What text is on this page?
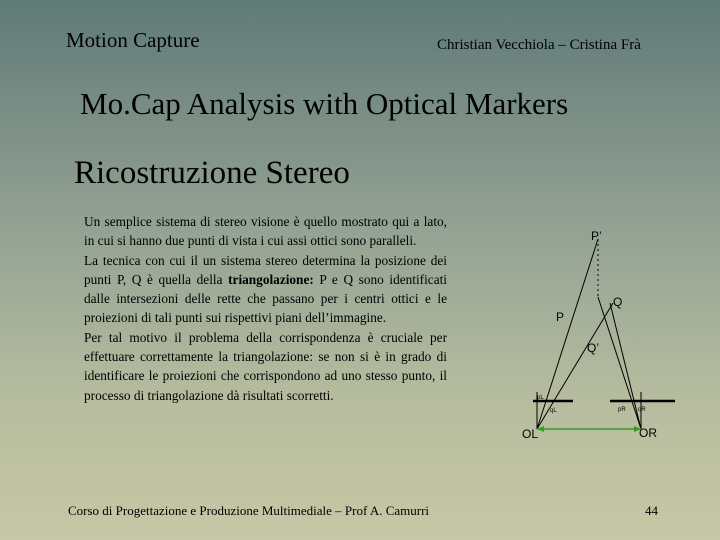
Motion Capture	Christian Vecchiola – Cristina Frà
Mo.Cap Analysis with Optical Markers
Ricostruzione Stereo

Un semplice sistema di stereo visione è quello mostrato qui a lato, in cui si hanno due punti di vista i cui assi ottici sono paralleli.

La tecnica con cui il un sistema stereo determina la posizione dei punti P, Q è quella della triangolazione: P e Q sono identificati dalle intersezioni delle rette che passano per i centri ottici e le proiezioni di tali punti sui rispettivi piani dell’immagine.

Per tal motivo il problema della corrispondenza è cruciale per effettuare correttamente la triangolazione: se non si è in grado di identificare le proiezioni che corrispondono ad uno stesso punto, il processo di triangolazione dà risultati scorretti.

P’
Q
P
Q’
pL
qL	pR qR
OL	OR
Corso di Progettazione e Produzione Multimediale – Prof A. Camurri	44
